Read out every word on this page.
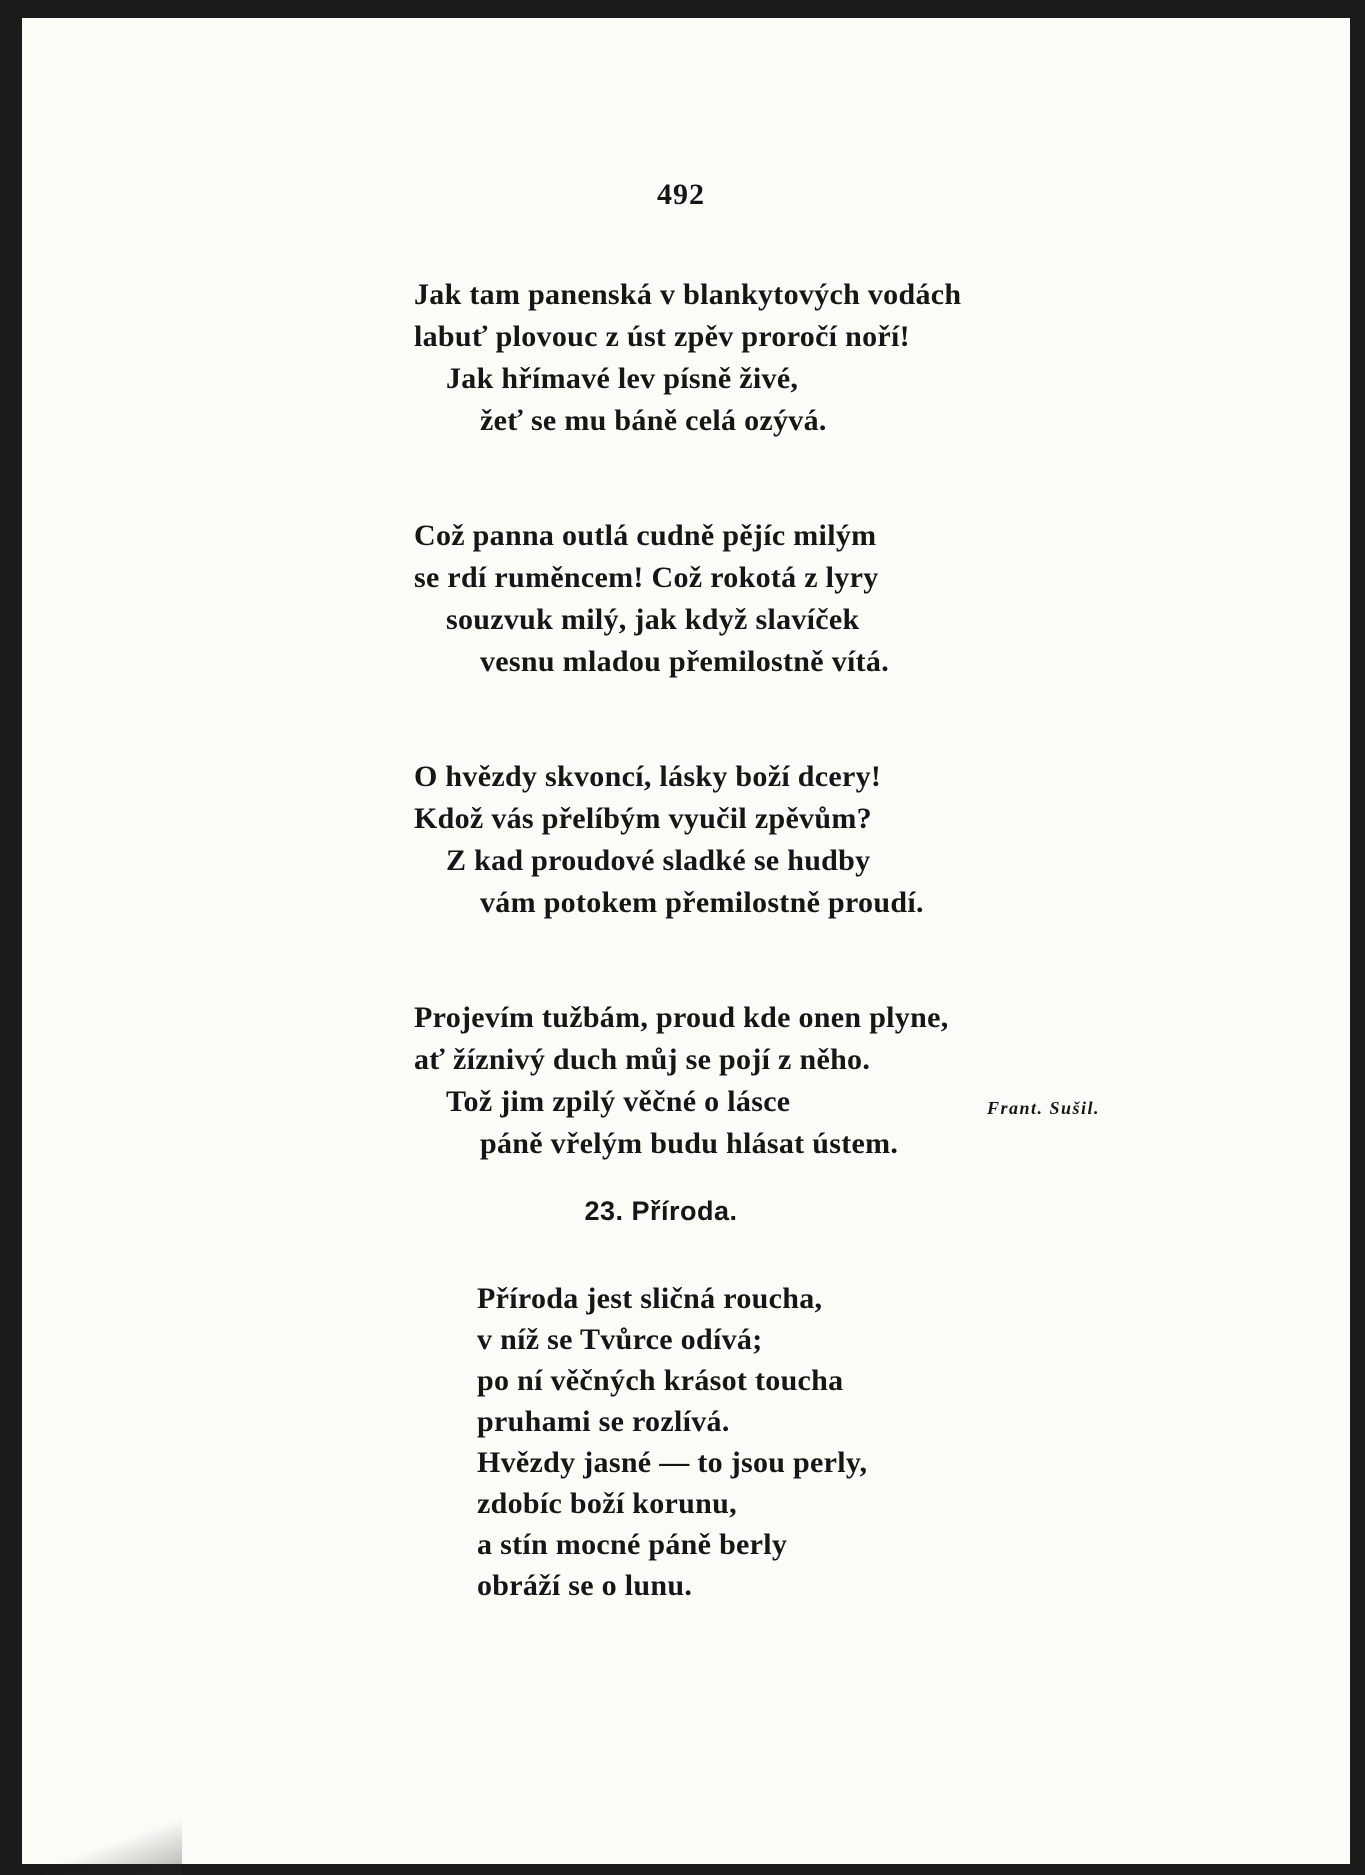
492
Jak tam panenská v blankytových vodách
labuť plovouc z úst zpěv proročí noří!
Jak hřímavé lev písně živé,
žeť se mu báně celá ozývá.
Což panna outlá cudně pějíc milým
se rdí ruměncem! Což rokotá z lyry
souzvuk milý, jak když slavíček
vesnu mladou přemilostně vítá.
O hvězdy skvoncí, lásky boží dcery!
Kdož vás přelíbým vyučil zpěvům?
Z kad proudové sladké se hudby
vám potokem přemilostně proudí.
Projevím tužbám, proud kde onen plyne,
ať žíznivý duch můj se pojí z něho.
Tož jim zpilý věčné o lásce
páně vřelým budu hlásat ústem.
Frant. Sušil.
23. Příroda.
Příroda jest sličná roucha,
v níž se Tvůrce odívá;
po ní věčných krásot toucha
pruhami se rozlívá.
Hvězdy jasné — to jsou perly,
zdobíc boží korunu,
a stín mocné páně berly
obráží se o lunu.
